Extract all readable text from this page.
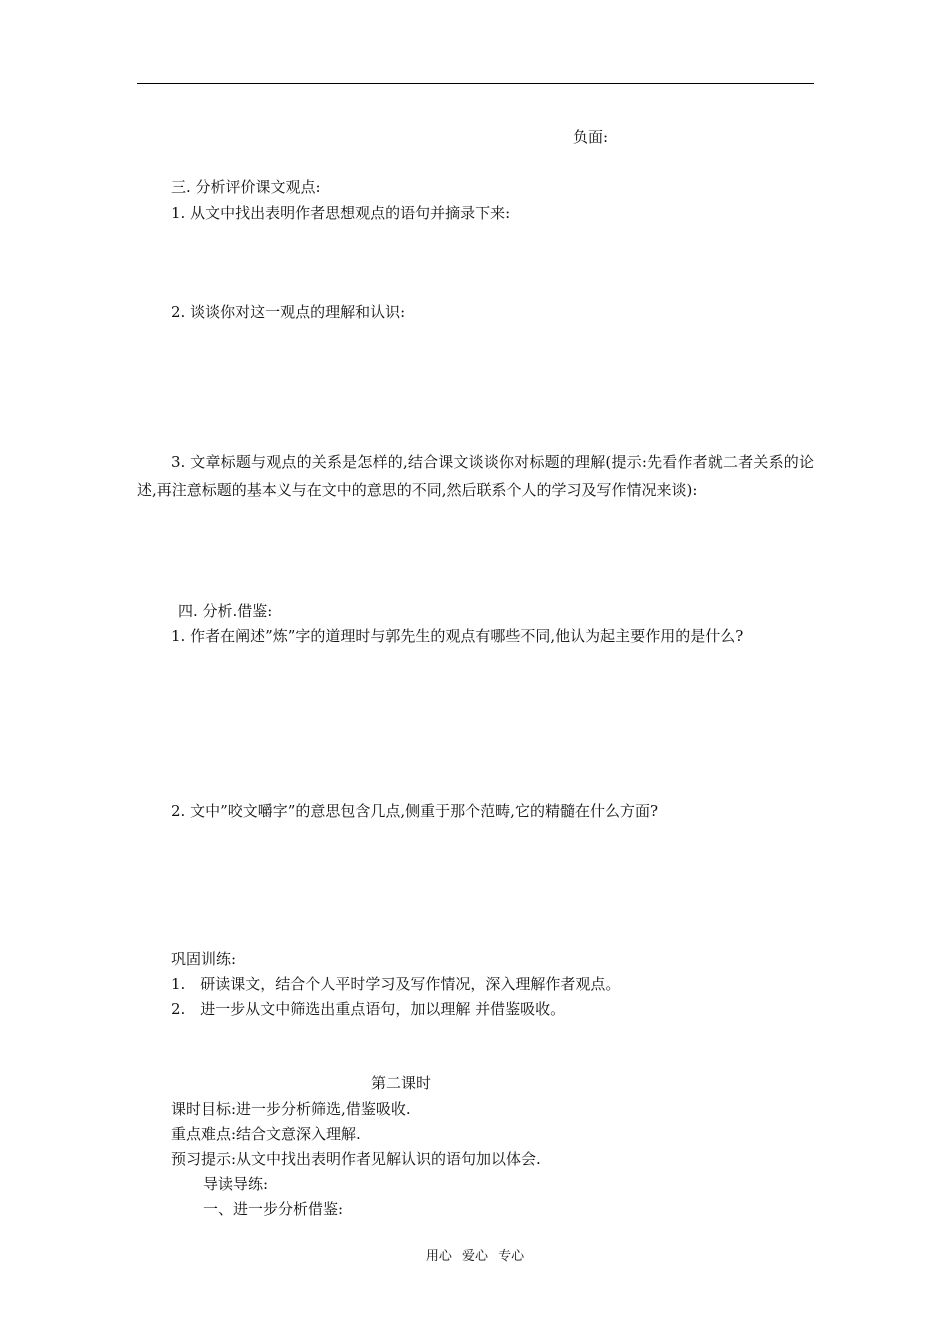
负面:
三. 分析评价课文观点:
1. 从文中找出表明作者思想观点的语句并摘录下来:
2. 谈谈你对这一观点的理解和认识:
3. 文章标题与观点的关系是怎样的,结合课文谈谈你对标题的理解(提示:先看作者就二者关系的论述,再注意标题的基本义与在文中的意思的不同,然后联系个人的学习及写作情况来谈):
四. 分析.借鉴:
1. 作者在阐述”炼”字的道理时与郭先生的观点有哪些不同,他认为起主要作用的是什么?
2. 文中”咬文嚼字”的意思包含几点,侧重于那个范畴,它的精髓在什么方面?
巩固训练:
1.　研读课文，结合个人平时学习及写作情况，深入理解作者观点。
2.　进一步从文中筛选出重点语句，加以理解 并借鉴吸收。
第二课时
课时目标:进一步分析筛选,借鉴吸收.
重点难点:结合文意深入理解.
预习提示:从文中找出表明作者见解认识的语句加以体会.
导读导练:
一、进一步分析借鉴:
用心 爱心 专心
